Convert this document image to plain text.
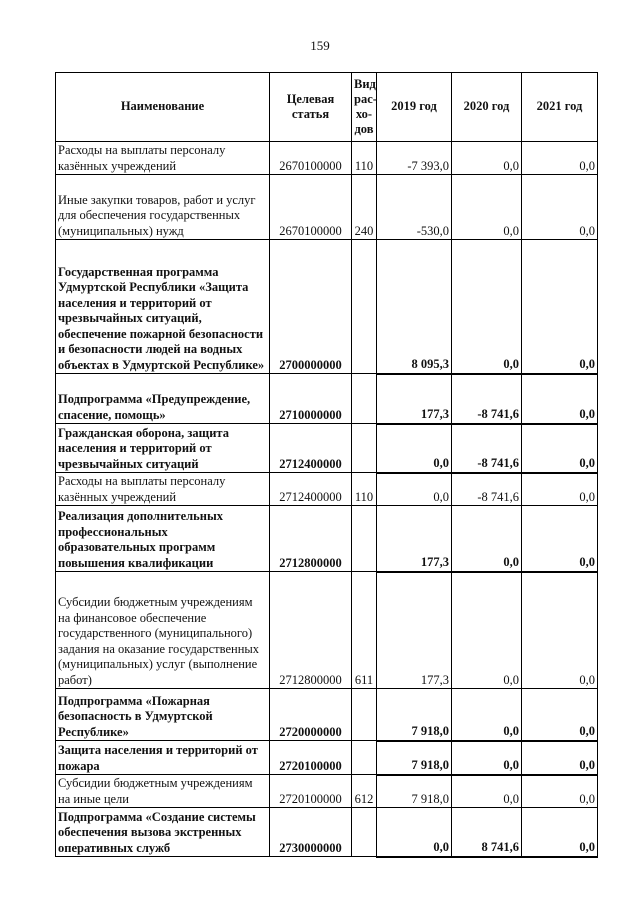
159
Наименование	Целевая статья	Вид рас-хо-дов	2019 год	2020 год	2021 год
Расходы на выплаты персоналу казённых учреждений	2670100000	110	-7 393,0	0,0	0,0
Иные закупки товаров, работ и услуг для обеспечения государственных (муниципальных) нужд	2670100000	240	-530,0	0,0	0,0
Государственная программа Удмуртской Республики «Защита населения и территорий от чрезвычайных ситуаций, обеспечение пожарной безопасности и безопасности людей на водных объектах в Удмуртской Республике»	2700000000		8 095,3	0,0	0,0
Подпрограмма «Предупреждение, спасение, помощь»	2710000000		177,3	-8 741,6	0,0
Гражданская оборона, защита населения и территорий от чрезвычайных ситуаций	2712400000		0,0	-8 741,6	0,0
Расходы на выплаты персоналу казённых учреждений	2712400000	110	0,0	-8 741,6	0,0
Реализация дополнительных профессиональных образовательных программ повышения квалификации	2712800000		177,3	0,0	0,0
Субсидии бюджетным учреждениям на финансовое обеспечение государственного (муниципального) задания на оказание государственных (муниципальных) услуг (выполнение работ)	2712800000	611	177,3	0,0	0,0
Подпрограмма «Пожарная безопасность в Удмуртской Республике»	2720000000		7 918,0	0,0	0,0
Защита населения и территорий от пожара	2720100000		7 918,0	0,0	0,0
Субсидии бюджетным учреждениям на иные цели	2720100000	612	7 918,0	0,0	0,0
Подпрограмма «Создание системы обеспечения вызова экстренных оперативных служб	2730000000		0,0	8 741,6	0,0
